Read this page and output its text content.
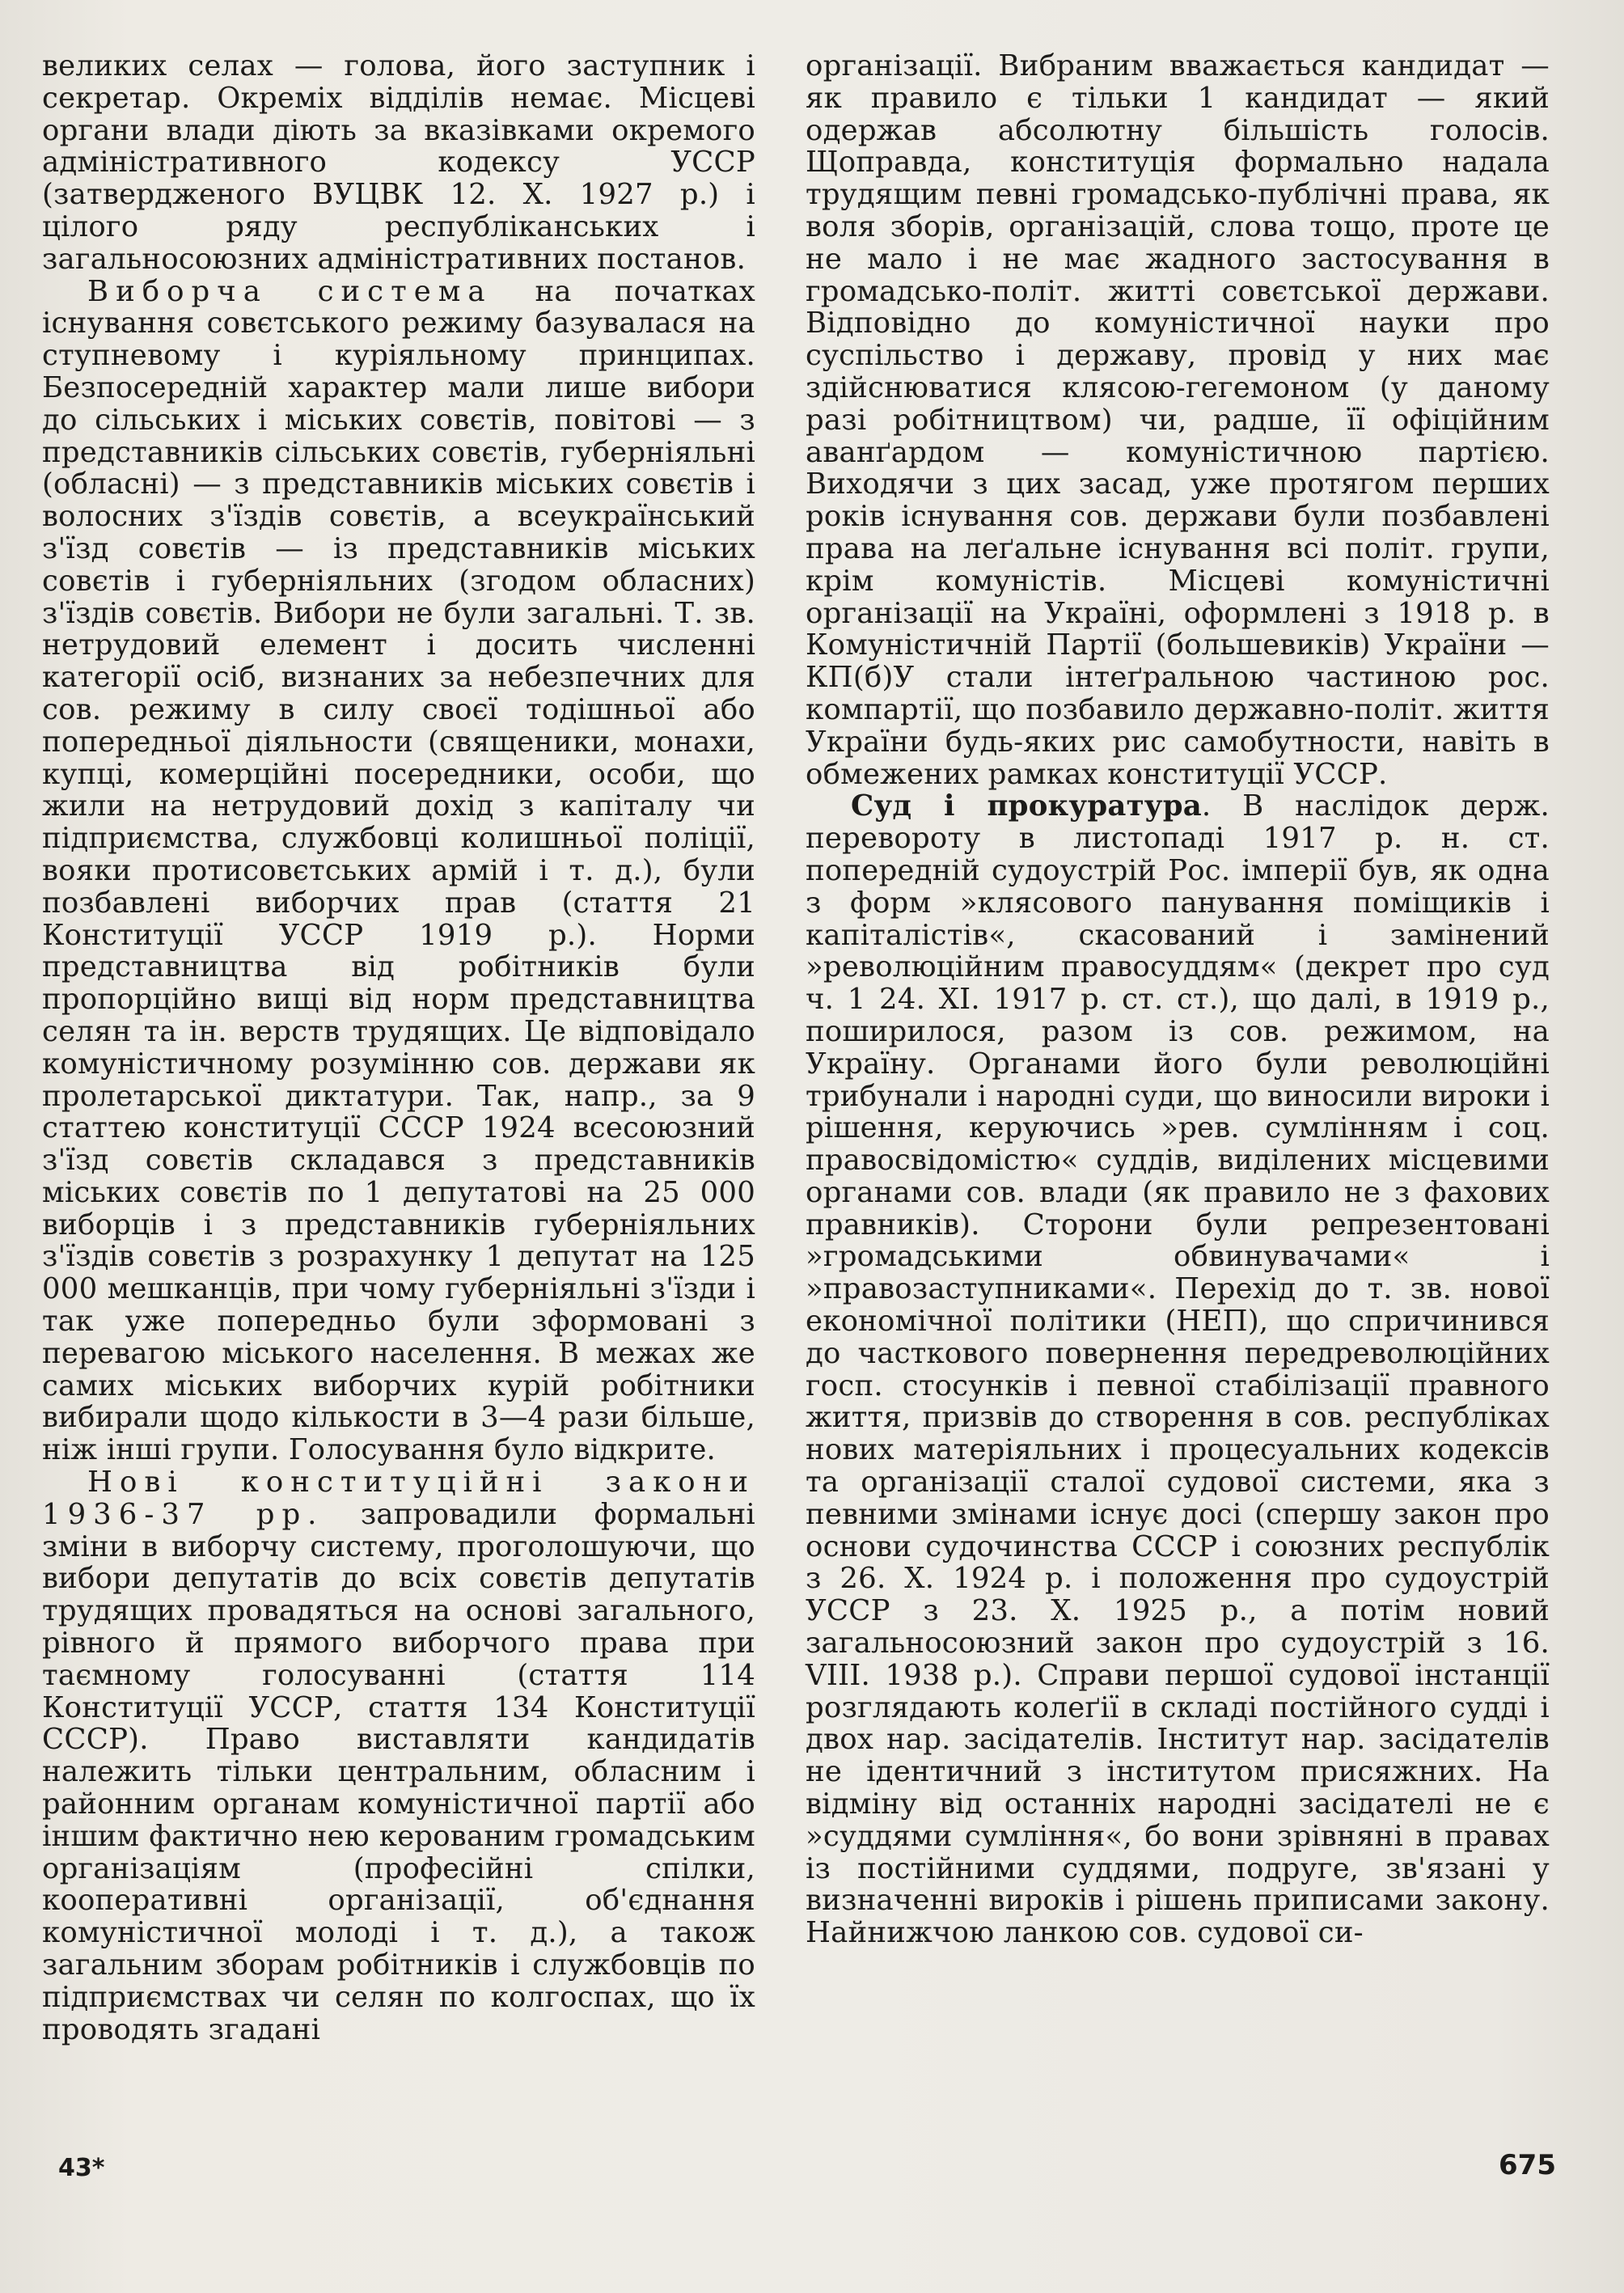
великих селах — голова, його заступник і секретар. Окреміх відділів немає. Місцеві органи влади діють за вказівками окремого адміністративного кодексу УССР (затвердженого ВУЦВК 12. X. 1927 р.) і цілого ряду республіканських і загальносоюзних адміністративних постанов.

Виборча система на початках існування совєтського режиму базувалася на ступневому і куріяльному принципах. Безпосередній характер мали лише вибори до сільських і міських совєтів, повітові — з представників сільських совєтів, губерніяльні (обласні) — з представників міських совєтів і волосних з'їздів совєтів, а всеукраїнський з'їзд совєтів — із представників міських совєтів і губерніяльних (згодом обласних) з'їздів совєтів. Вибори не були загальні. Т. зв. нетрудовий елемент і досить численні категорії осіб, визнаних за небезпечних для сов. режиму в силу своєї тодішньої або попередньої діяльности (священики, монахи, купці, комерційні посередники, особи, що жили на нетрудовий дохід з капіталу чи підприємства, службовці колишньої поліції, вояки протисовєтських армій і т. д.), були позбавлені виборчих прав (стаття 21 Конституції УССР 1919 р.). Норми представництва від робітників були пропорційно вищі від норм представництва селян та ін. верств трудящих. Це відповідало комуністичному розумінню сов. держави як пролетарської диктатури. Так, напр., за 9 статтею конституції СССР 1924 всесоюзний з'їзд совєтів складався з представників міських совєтів по 1 депутатові на 25 000 виборців і з представників губерніяльних з'їздів совєтів з розрахунку 1 депутат на 125 000 мешканців, при чому губерніяльні з'їзди і так уже попередньо були зформовані з перевагою міського населення. В межах же самих міських виборчих курій робітники вибирали щодо кількости в 3—4 рази більше, ніж інші групи. Голосування було відкрите.

Нові конституційні закони 1936-37 рр. запровадили формальні зміни в виборчу систему, проголошуючи, що вибори депутатів до всіх совєтів депутатів трудящих провадяться на основі загального, рівного й прямого виборчого права при таємному голосуванні (стаття 114 Конституції УССР, стаття 134 Конституції СССР). Право виставляти кандидатів належить тільки центральним, обласним і районним органам комуністичної партії або іншим фактично нею керованим громадським організаціям (професійні спілки, кооперативні організації, об'єднання комуністичної молоді і т. д.), а також загальним зборам робітників і службовців по підприємствах чи селян по колгоспах, що їх проводять згадані

організації. Вибраним вважається кандидат — як правило є тільки 1 кандидат — який одержав абсолютну більшість голосів. Щоправда, конституція формально надала трудящим певні громадсько-публічні права, як воля зборів, організацій, слова тощо, проте це не мало і не має жадного застосування в громадсько-політ. житті совєтської держави. Відповідно до комуністичної науки про суспільство і державу, провід у них має здійснюватися клясою-гегемоном (у даному разі робітництвом) чи, радше, її офіційним аванґардом — комуністичною партією. Виходячи з цих засад, уже протягом перших років існування сов. держави були позбавлені права на леґальне існування всі політ. групи, крім комуністів. Місцеві комуністичні організації на Україні, оформлені з 1918 р. в Комуністичній Партії (большевиків) України — КП(б)У стали інтеґральною частиною рос. компартії, що позбавило державно-політ. життя України будь-яких рис самобутности, навіть в обмежених рамках конституції УССР.

Суд і прокуратура. В наслідок держ. перевороту в листопаді 1917 р. н. ст. попередній судоустрій Рос. імперії був, як одна з форм »клясового панування поміщиків і капіталістів«, скасований і замінений »революційним правосуддям« (декрет про суд ч. 1 24. XI. 1917 р. ст. ст.), що далі, в 1919 р., поширилося, разом із сов. режимом, на Україну. Органами його були революційні трибунали і народні суди, що виносили вироки і рішення, керуючись »рев. сумлінням і соц. правосвідомістю« суддів, виділених місцевими органами сов. влади (як правило не з фахових правників). Сторони були репрезентовані »громадськими обвинувачами« і »правозаступниками«. Перехід до т. зв. нової економічної політики (НЕП), що спричинився до часткового повернення передреволюційних госп. стосунків і певної стабілізації правного життя, призвів до створення в сов. республіках нових матеріяльних і процесуальних кодексів та організації сталої судової системи, яка з певними змінами існує досі (спершу закон про основи судочинства СССР і союзних республік з 26. X. 1924 р. і положення про судоустрій УССР з 23. X. 1925 р., а потім новий загальносоюзний закон про судоустрій з 16. VIII. 1938 р.). Справи першої судової інстанції розглядають колеґії в складі постійного судді і двох нар. засідателів. Інститут нар. засідателів не ідентичний з інститутом присяжних. На відміну від останніх народні засідателі не є »суддями сумління«, бо вони зрівняні в правах із постійними суддями, подруге, зв'язані у визначенні вироків і рішень приписами закону. Найнижчою ланкою сов. судової си-

43*	675
